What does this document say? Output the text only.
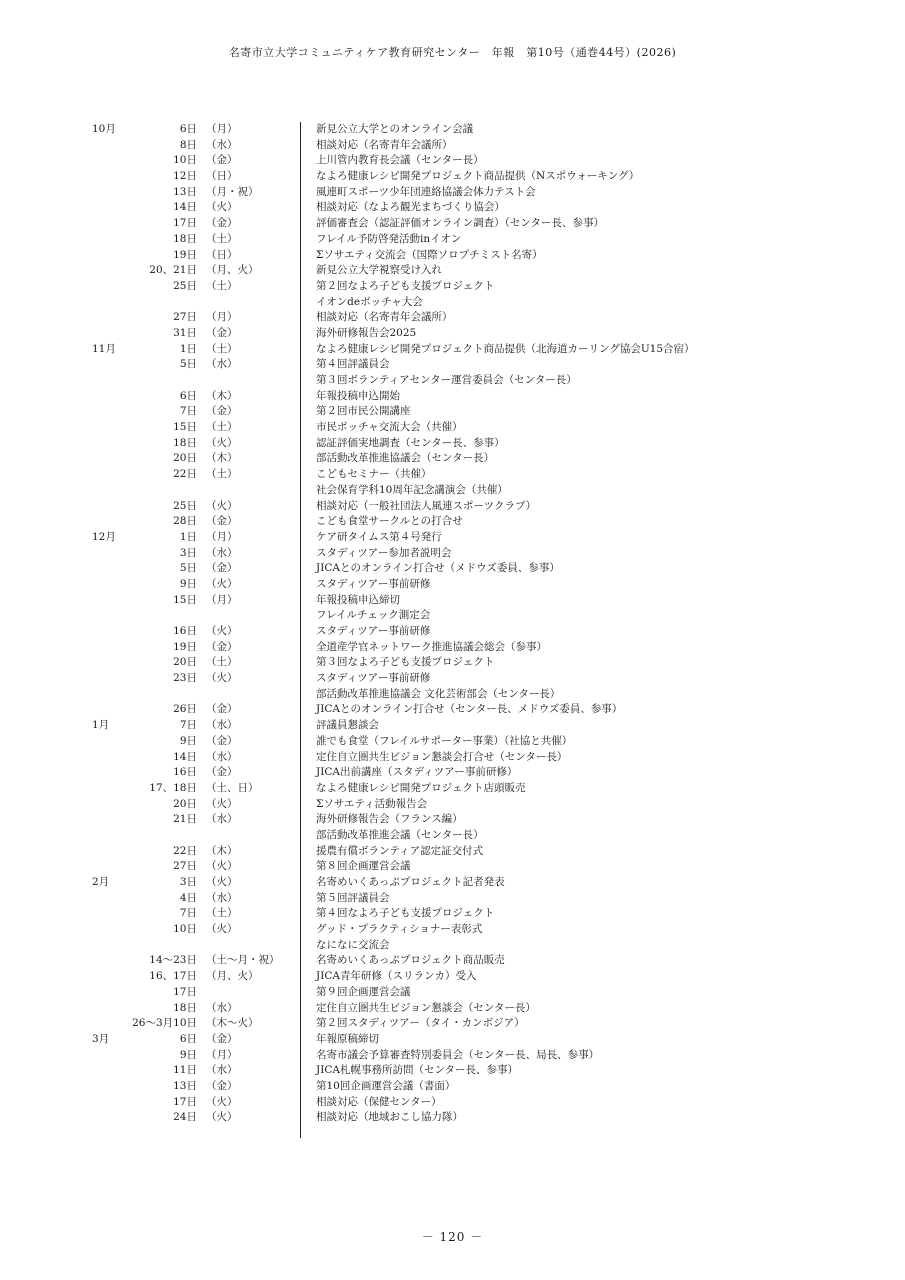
名寄市立大学コミュニティケア教育研究センター　年報　第10号（通巻44号）(2026)
10月	6日 （月）	新見公立大学とのオンライン会議
8日 （水）	相談対応（名寄青年会議所）
10日 （金）	上川管内教育長会議（センター長）
12日 （日）	なよろ健康レシピ開発プロジェクト商品提供（Nスポウォーキング）
13日 （月・祝）	風連町スポーツ少年団連絡協議会体力テスト会
14日 （火）	相談対応（なよろ観光まちづくり協会）
17日 （金）	評価審査会（認証評価オンライン調査）（センター長、参事）
18日 （土）	フレイル予防啓発活動inイオン
19日 （日）	Σソサエティ交流会（国際ソロプチミスト名寄）
20、21日 （月、火）	新見公立大学視察受け入れ
25日 （土）	第２回なよろ子ども支援プロジェクト
イオンdeボッチャ大会
27日 （月）	相談対応（名寄青年会議所）
31日 （金）	海外研修報告会2025
11月	1日 （土）	なよろ健康レシピ開発プロジェクト商品提供（北海道カーリング協会U15合宿）
5日 （水）	第４回評議員会
第３回ボランティアセンター運営委員会（センター長）
6日 （木）	年報投稿申込開始
7日 （金）	第２回市民公開講座
15日 （土）	市民ボッチャ交流大会（共催）
18日 （火）	認証評価実地調査（センター長、参事）
20日 （木）	部活動改革推進協議会（センター長）
22日 （土）	こどもセミナー（共催）
社会保育学科10周年記念講演会（共催）
25日 （火）	相談対応（一般社団法人風連スポーツクラブ）
28日 （金）	こども食堂サークルとの打合せ
12月	1日 （月）	ケア研タイムス第４号発行
3日 （水）	スタディツアー参加者説明会
5日 （金）	JICAとのオンライン打合せ（メドウズ委員、参事）
9日 （火）	スタディツアー事前研修
15日 （月）	年報投稿申込締切
フレイルチェック測定会
16日 （火）	スタディツアー事前研修
19日 （金）	全道産学官ネットワーク推進協議会総会（参事）
20日 （土）	第３回なよろ子ども支援プロジェクト
23日 （火）	スタディツアー事前研修
部活動改革推進協議会 文化芸術部会（センター長）
26日 （金）	JICAとのオンライン打合せ（センター長、メドウズ委員、参事）
1月	7日 （水）	評議員懇談会
9日 （金）	誰でも食堂（フレイルサポーター事業）（社協と共催）
14日 （水）	定住自立圏共生ビジョン懇談会打合せ（センター長）
16日 （金）	JICA出前講座（スタディツアー事前研修）
17、18日 （土、日）	なよろ健康レシピ開発プロジェクト店頭販売
20日 （火）	Σソサエティ活動報告会
21日 （水）	海外研修報告会（フランス編）
部活動改革推進会議（センター長）
22日 （木）	援農有償ボランティア認定証交付式
27日 （火）	第８回企画運営会議
2月	3日 （火）	名寄めいくあっぷプロジェクト記者発表
4日 （水）	第５回評議員会
7日 （土）	第４回なよろ子ども支援プロジェクト
10日 （火）	グッド・プラクティショナー表彰式
なになに交流会
14～23日 （土～月・祝）	名寄めいくあっぷプロジェクト商品販売
16、17日 （月、火）	JICA青年研修（スリランカ）受入
17日	第９回企画運営会議
18日 （水）	定住自立圏共生ビジョン懇談会（センター長）
26～3月10日 （木～火）	第２回スタディツアー（タイ・カンボジア）
3月	6日 （金）	年報原稿締切
9日 （月）	名寄市議会予算審査特別委員会（センター長、局長、参事）
11日 （水）	JICA札幌事務所訪問（センター長、参事）
13日 （金）	第10回企画運営会議（書面）
17日 （火）	相談対応（保健センター）
24日 （火）	相談対応（地域おこし協力隊）
－ 120 －
